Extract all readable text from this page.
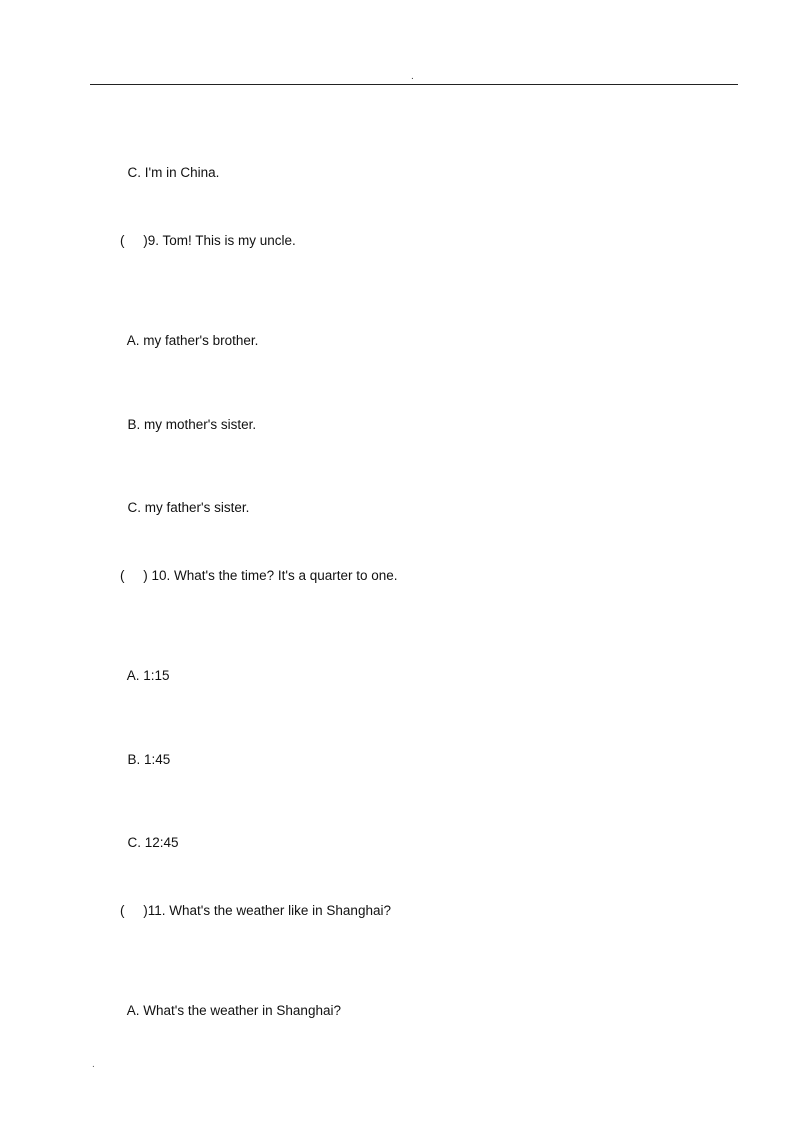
.

C. I'm in China.

(     )9. Tom! This is my uncle.

A. my father's brother.

B. my mother's sister.

C. my father's sister.

(     ) 10. What's the time? It's a quarter to one.

A. 1:15

B. 1:45

C. 12:45

(     )11. What's the weather like in Shanghai?

A. What's the weather in Shanghai?

.
